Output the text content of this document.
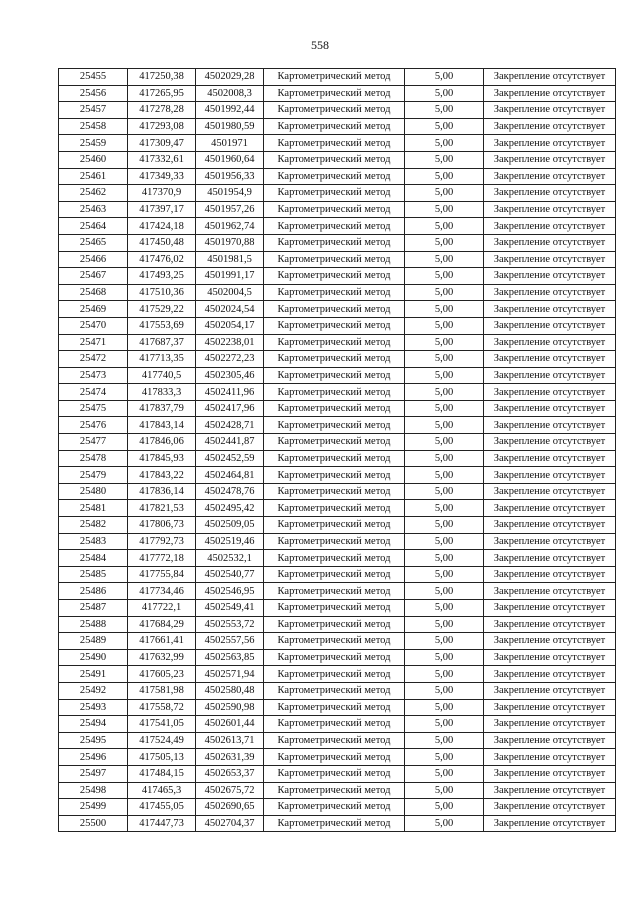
558
25455	417250,38	4502029,28	Картометрический метод	5,00	Закрепление отсутствует
25456	417265,95	4502008,3	Картометрический метод	5,00	Закрепление отсутствует
25457	417278,28	4501992,44	Картометрический метод	5,00	Закрепление отсутствует
25458	417293,08	4501980,59	Картометрический метод	5,00	Закрепление отсутствует
25459	417309,47	4501971	Картометрический метод	5,00	Закрепление отсутствует
25460	417332,61	4501960,64	Картометрический метод	5,00	Закрепление отсутствует
25461	417349,33	4501956,33	Картометрический метод	5,00	Закрепление отсутствует
25462	417370,9	4501954,9	Картометрический метод	5,00	Закрепление отсутствует
25463	417397,17	4501957,26	Картометрический метод	5,00	Закрепление отсутствует
25464	417424,18	4501962,74	Картометрический метод	5,00	Закрепление отсутствует
25465	417450,48	4501970,88	Картометрический метод	5,00	Закрепление отсутствует
25466	417476,02	4501981,5	Картометрический метод	5,00	Закрепление отсутствует
25467	417493,25	4501991,17	Картометрический метод	5,00	Закрепление отсутствует
25468	417510,36	4502004,5	Картометрический метод	5,00	Закрепление отсутствует
25469	417529,22	4502024,54	Картометрический метод	5,00	Закрепление отсутствует
25470	417553,69	4502054,17	Картометрический метод	5,00	Закрепление отсутствует
25471	417687,37	4502238,01	Картометрический метод	5,00	Закрепление отсутствует
25472	417713,35	4502272,23	Картометрический метод	5,00	Закрепление отсутствует
25473	417740,5	4502305,46	Картометрический метод	5,00	Закрепление отсутствует
25474	417833,3	4502411,96	Картометрический метод	5,00	Закрепление отсутствует
25475	417837,79	4502417,96	Картометрический метод	5,00	Закрепление отсутствует
25476	417843,14	4502428,71	Картометрический метод	5,00	Закрепление отсутствует
25477	417846,06	4502441,87	Картометрический метод	5,00	Закрепление отсутствует
25478	417845,93	4502452,59	Картометрический метод	5,00	Закрепление отсутствует
25479	417843,22	4502464,81	Картометрический метод	5,00	Закрепление отсутствует
25480	417836,14	4502478,76	Картометрический метод	5,00	Закрепление отсутствует
25481	417821,53	4502495,42	Картометрический метод	5,00	Закрепление отсутствует
25482	417806,73	4502509,05	Картометрический метод	5,00	Закрепление отсутствует
25483	417792,73	4502519,46	Картометрический метод	5,00	Закрепление отсутствует
25484	417772,18	4502532,1	Картометрический метод	5,00	Закрепление отсутствует
25485	417755,84	4502540,77	Картометрический метод	5,00	Закрепление отсутствует
25486	417734,46	4502546,95	Картометрический метод	5,00	Закрепление отсутствует
25487	417722,1	4502549,41	Картометрический метод	5,00	Закрепление отсутствует
25488	417684,29	4502553,72	Картометрический метод	5,00	Закрепление отсутствует
25489	417661,41	4502557,56	Картометрический метод	5,00	Закрепление отсутствует
25490	417632,99	4502563,85	Картометрический метод	5,00	Закрепление отсутствует
25491	417605,23	4502571,94	Картометрический метод	5,00	Закрепление отсутствует
25492	417581,98	4502580,48	Картометрический метод	5,00	Закрепление отсутствует
25493	417558,72	4502590,98	Картометрический метод	5,00	Закрепление отсутствует
25494	417541,05	4502601,44	Картометрический метод	5,00	Закрепление отсутствует
25495	417524,49	4502613,71	Картометрический метод	5,00	Закрепление отсутствует
25496	417505,13	4502631,39	Картометрический метод	5,00	Закрепление отсутствует
25497	417484,15	4502653,37	Картометрический метод	5,00	Закрепление отсутствует
25498	417465,3	4502675,72	Картометрический метод	5,00	Закрепление отсутствует
25499	417455,05	4502690,65	Картометрический метод	5,00	Закрепление отсутствует
25500	417447,73	4502704,37	Картометрический метод	5,00	Закрепление отсутствует
